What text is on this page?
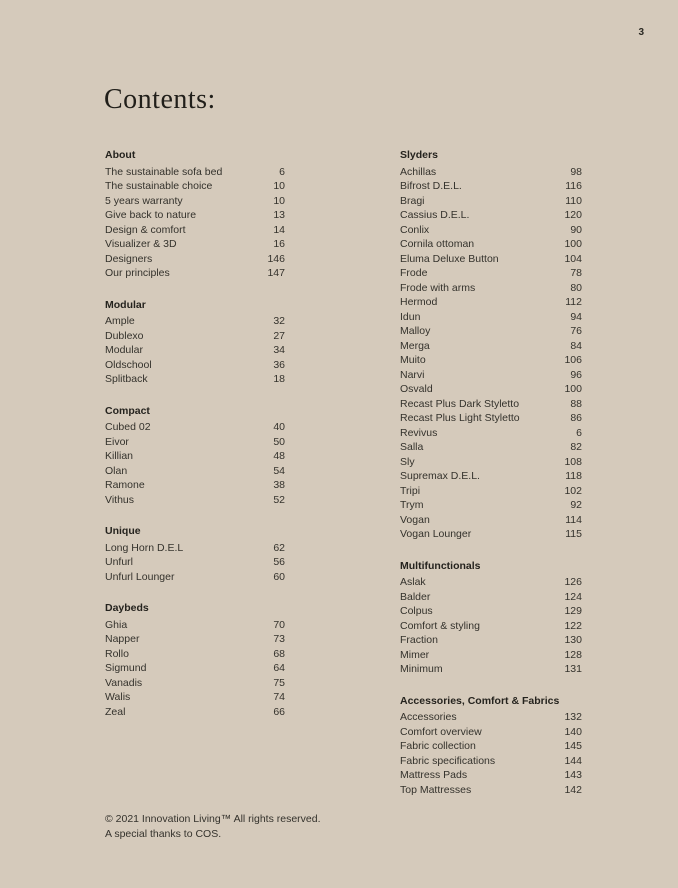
3
Contents:
About
The sustainable sofa bed	6
The sustainable choice	10
5 years warranty	10
Give back to nature	13
Design & comfort	14
Visualizer & 3D	16
Designers	146
Our principles	147
Modular
Ample	32
Dublexo	27
Modular	34
Oldschool	36
Splitback	18
Compact
Cubed 02	40
Eivor	50
Killian	48
Olan	54
Ramone	38
Vithus	52
Unique
Long Horn D.E.L	62
Unfurl	56
Unfurl Lounger	60
Daybeds
Ghia	70
Napper	73
Rollo	68
Sigmund	64
Vanadis	75
Walis	74
Zeal	66
Slyders
Achillas	98
Bifrost D.E.L.	116
Bragi	110
Cassius D.E.L.	120
Conlix	90
Cornila ottoman	100
Eluma Deluxe Button	104
Frode	78
Frode with arms	80
Hermod	112
Idun	94
Malloy	76
Merga	84
Muito	106
Narvi	96
Osvald	100
Recast Plus Dark Styletto	88
Recast Plus Light Styletto	86
Revivus	6
Salla	82
Sly	108
Supremax D.E.L.	118
Tripi	102
Trym	92
Vogan	114
Vogan Lounger	115
Multifunctionals
Aslak	126
Balder	124
Colpus	129
Comfort & styling	122
Fraction	130
Mimer	128
Minimum	131
Accessories, Comfort & Fabrics
Accessories	132
Comfort overview	140
Fabric collection	145
Fabric specifications	144
Mattress Pads	143
Top Mattresses	142
© 2021 Innovation Living™ All rights reserved.
A special thanks to COS.
